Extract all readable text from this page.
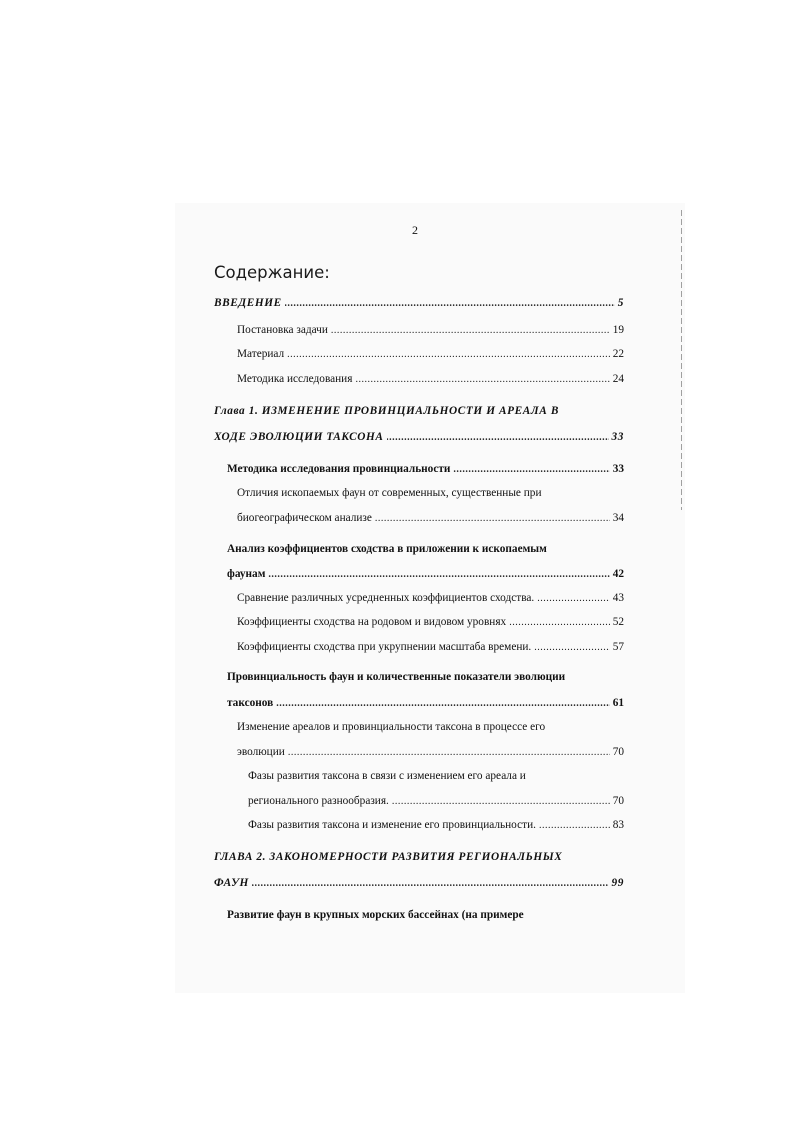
2
Содержание:
ВВЕДЕНИЕ .....	5
Постановка задачи .....	19
Материал .....	22
Методика исследования .....	24
Глава 1. ИЗМЕНЕНИЕ ПРОВИНЦИАЛЬНОСТИ И АРЕАЛА В
ХОДЕ ЭВОЛЮЦИИ ТАКСОНА .....	33
Методика исследования провинциальности .....	33
Отличия ископаемых фаун от современных, существенные при
биогеографическом анализе .....	34
Анализ коэффициентов сходства в приложении к ископаемым
фаунам .....	42
Сравнение различных усредненных коэффициентов сходства. .....	43
Коэффициенты сходства на родовом и видовом уровнях .....	52
Коэффициенты сходства при укрупнении масштаба времени. .....	57
Провинциальность фаун и количественные показатели эволюции
таксонов .....	61
Изменение ареалов и провинциальности таксона в процессе его
эволюции .....	70
Фазы развития таксона в связи с изменением его ареала и
регионального разнообразия. .....	70
Фазы развития таксона и изменение его провинциальности. .....	83
ГЛАВА 2. ЗАКОНОМЕРНОСТИ РАЗВИТИЯ РЕГИОНАЛЬНЫХ
ФАУН .....	99
Развитие фаун в крупных морских бассейнах (на примере
